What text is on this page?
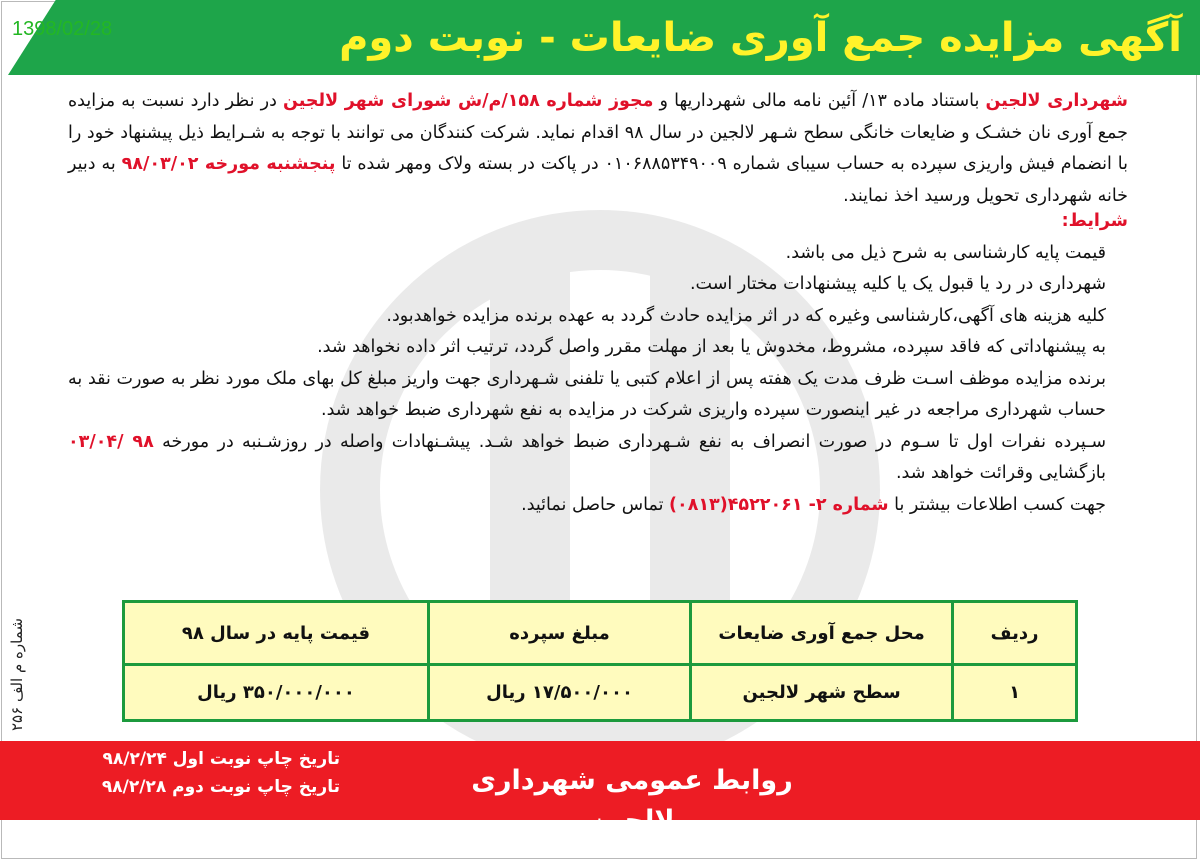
آگهی مزایده جمع آوری ضایعات - نوبت دوم
1398/02/28
شهرداری لالجین باستناد ماده ۱۳/ آئین نامه مالی شهرداریها و مجوز شماره ۱۵۸/م/ش شورای شهر لالجین در نظر دارد نسبت به مزایده جمع آوری نان خشـک و ضایعات خانگی سطح شـهر لالجین در سال ۹۸ اقدام نماید. شرکت کنندگان می توانند با توجه به شـرایط ذیل پیشنهاد خود را با انضمام فیش واریزی سپرده به حساب سیبای شماره ۰۱۰۶۸۸۵۳۴۹۰۰۹ در پاکت در بسته ولاک ومهر شده تا پنجشنبه مورخه ۹۸/۰۳/۰۲ به دبیر خانه شهرداری تحویل ورسید اخذ نمایند.
شرایط:

قیمت پایه کارشناسی به شرح ذیل می باشد.

شهرداری در رد یا قبول یک یا کلیه پیشنهادات مختار است.

کلیه هزینه های آگهی،کارشناسی وغیره که در اثر مزایده حادث گردد به عهده برنده مزایده خواهدبود.

به پیشنهاداتی که فاقد سپرده، مشروط، مخدوش یا بعد از مهلت مقرر واصل گردد، ترتیب اثر داده نخواهد شد.

برنده مزایده موظف اسـت ظرف مدت یک هفته پس از اعلام کتبی یا تلفنی شـهرداری جهت واریز مبلغ کل بهای ملک مورد نظر به صورت نقد به حساب شهرداری مراجعه در غیر اینصورت سپرده واریزی شرکت در مزایده به نفع شهرداری ضبط خواهد شد.

سـپرده نفرات اول تا سـوم در صورت انصراف به نفع شـهرداری ضبط خواهد شـد. پیشـنهادات واصله در روزشـنبه در مورخه ۹۸ /۰۳/۰۴ بازگشایی وقرائت خواهد شد.

جهت کسب اطلاعات بیشتر با شماره ۲- ۴۵۲۲۰۶۱(۰۸۱۳) تماس حاصل نمائید.

شماره م الف ۲۵۶	ردیف	محل جمع آوری ضایعات	مبلغ سپرده	قیمت پایه در سال ۹۸
۱	سطح شهر لالجین	۱۷/۵۰۰/۰۰۰ ریال	۳۵۰/۰۰۰/۰۰۰ ریال
روابط عمومی شهرداری لالجین
تاریخ چاپ نوبت اول ۹۸/۲/۲۴
تاریخ چاپ نوبت دوم ۹۸/۲/۲۸
